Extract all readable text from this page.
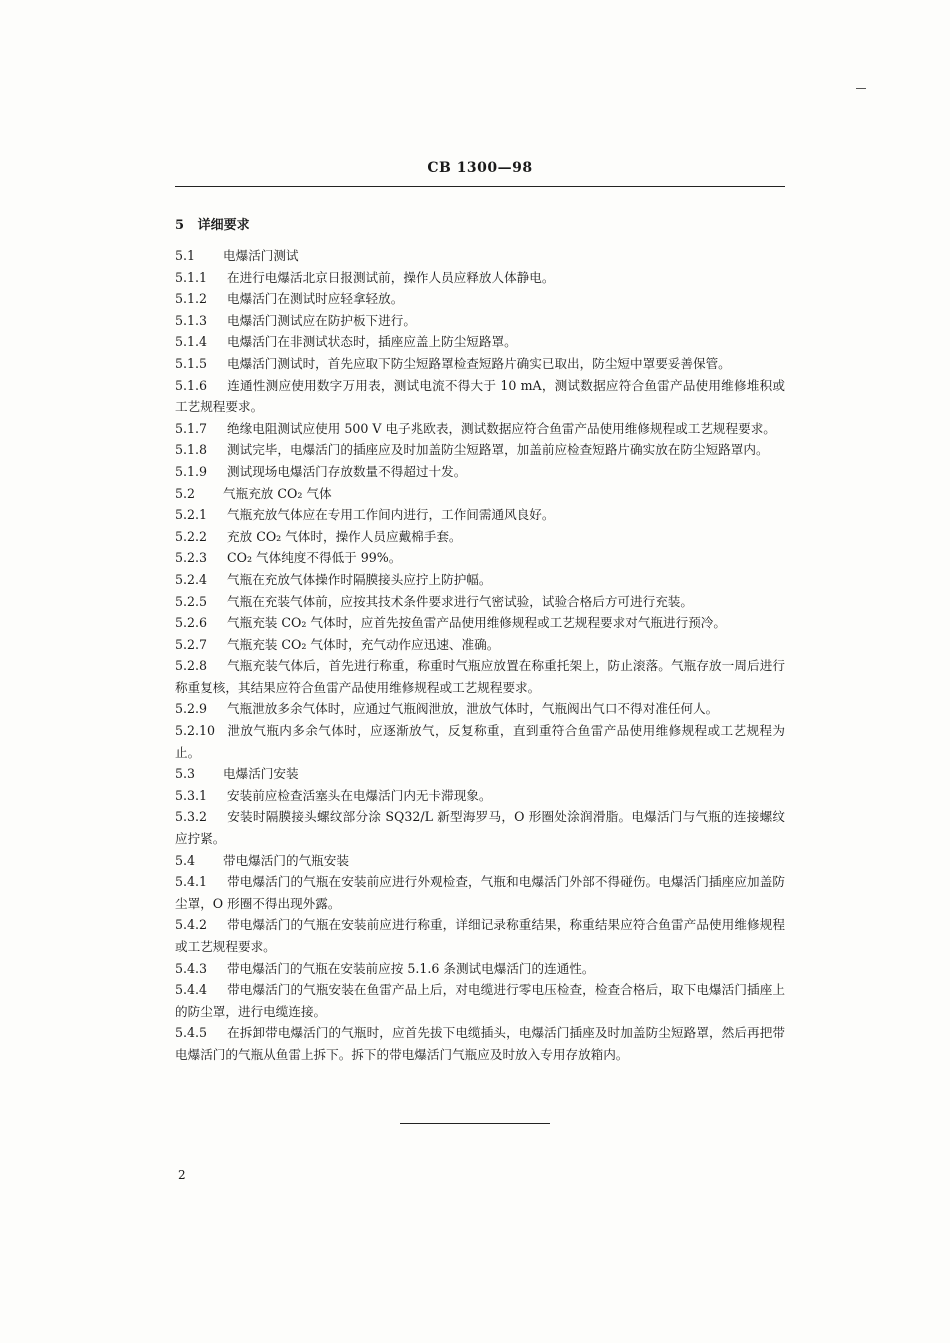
CB 1300—98
5 详细要求

5.1 电爆活门测试

5.1.1 在进行电爆活北京日报测试前，操作人员应释放人体静电。

5.1.2 电爆活门在测试时应轻拿轻放。

5.1.3 电爆活门测试应在防护板下进行。

5.1.4 电爆活门在非测试状态时，插座应盖上防尘短路罩。

5.1.5 电爆活门测试时，首先应取下防尘短路罩检查短路片确实已取出，防尘短中罩要妥善保管。

5.1.6 连通性测应使用数字万用表，测试电流不得大于 10 mA，测试数据应符合鱼雷产品使用维修堆积或工艺规程要求。

5.1.7 绝缘电阻测试应使用 500 V 电子兆欧表，测试数据应符合鱼雷产品使用维修规程或工艺规程要求。

5.1.8 测试完毕，电爆活门的插座应及时加盖防尘短路罩，加盖前应检查短路片确实放在防尘短路罩内。

5.1.9 测试现场电爆活门存放数量不得超过十发。

5.2 气瓶充放 CO₂ 气体

5.2.1 气瓶充放气体应在专用工作间内进行，工作间需通风良好。

5.2.2 充放 CO₂ 气体时，操作人员应戴棉手套。

5.2.3 CO₂ 气体纯度不得低于 99%。

5.2.4 气瓶在充放气体操作时隔膜接头应拧上防护幅。

5.2.5 气瓶在充装气体前，应按其技术条件要求进行气密试验，试验合格后方可进行充装。

5.2.6 气瓶充装 CO₂ 气体时，应首先按鱼雷产品使用维修规程或工艺规程要求对气瓶进行预冷。

5.2.7 气瓶充装 CO₂ 气体时，充气动作应迅速、准确。

5.2.8 气瓶充装气体后，首先进行称重，称重时气瓶应放置在称重托架上，防止滚落。气瓶存放一周后进行称重复核，其结果应符合鱼雷产品使用维修规程或工艺规程要求。

5.2.9 气瓶泄放多余气体时，应通过气瓶阀泄放，泄放气体时，气瓶阀出气口不得对准任何人。

5.2.10 泄放气瓶内多余气体时，应逐渐放气，反复称重，直到重符合鱼雷产品使用维修规程或工艺规程为止。

5.3 电爆活门安装

5.3.1 安装前应检查活塞头在电爆活门内无卡滞现象。

5.3.2 安装时隔膜接头螺纹部分涂 SQ32/L 新型海罗马，O 形圈处涂润滑脂。电爆活门与气瓶的连接螺纹应拧紧。

5.4 带电爆活门的气瓶安装

5.4.1 带电爆活门的气瓶在安装前应进行外观检查，气瓶和电爆活门外部不得碰伤。电爆活门插座应加盖防尘罩，O 形圈不得出现外露。

5.4.2 带电爆活门的气瓶在安装前应进行称重，详细记录称重结果，称重结果应符合鱼雷产品使用维修规程或工艺规程要求。

5.4.3 带电爆活门的气瓶在安装前应按 5.1.6 条测试电爆活门的连通性。

5.4.4 带电爆活门的气瓶安装在鱼雷产品上后，对电缆进行零电压检查，检查合格后，取下电爆活门插座上的防尘罩，进行电缆连接。

5.4.5 在拆卸带电爆活门的气瓶时，应首先拔下电缆插头，电爆活门插座及时加盖防尘短路罩，然后再把带电爆活门的气瓶从鱼雷上拆下。拆下的带电爆活门气瓶应及时放入专用存放箱内。

2
